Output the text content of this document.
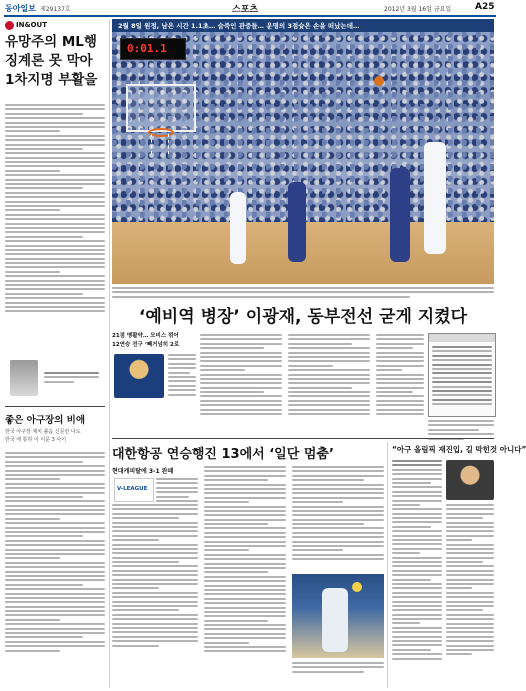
동아일보 제29137호	스포츠	2012년 3월 16일 금요일	A25
IN&OUT
유망주의 ML행
징계론 못 막아
1차지명 부활을
좋은 아구장의 비애
한국 아구장 제치 불음 신문만 나도
한국 에 통하 이 이문 3 사이
2월 8일 원정, 남은 시간 1.1초… 숨죽인 관중들… 운명의 3점슛은 손을 떠났는데…
0:01.1
‘예비역 병장’ 이광재, 동부전선 굳게 지켰다
21점 맹활약… 모비스 꺾어
12연승 전구 ‘빼거넘히 2로
대한항공 연승행진 13에서 ‘일단 멈춤’
현대캐피탈에 3-1 완패
V-LEAGUE
“아구 올림픽 재진입, 길 막힌것 아니다”
